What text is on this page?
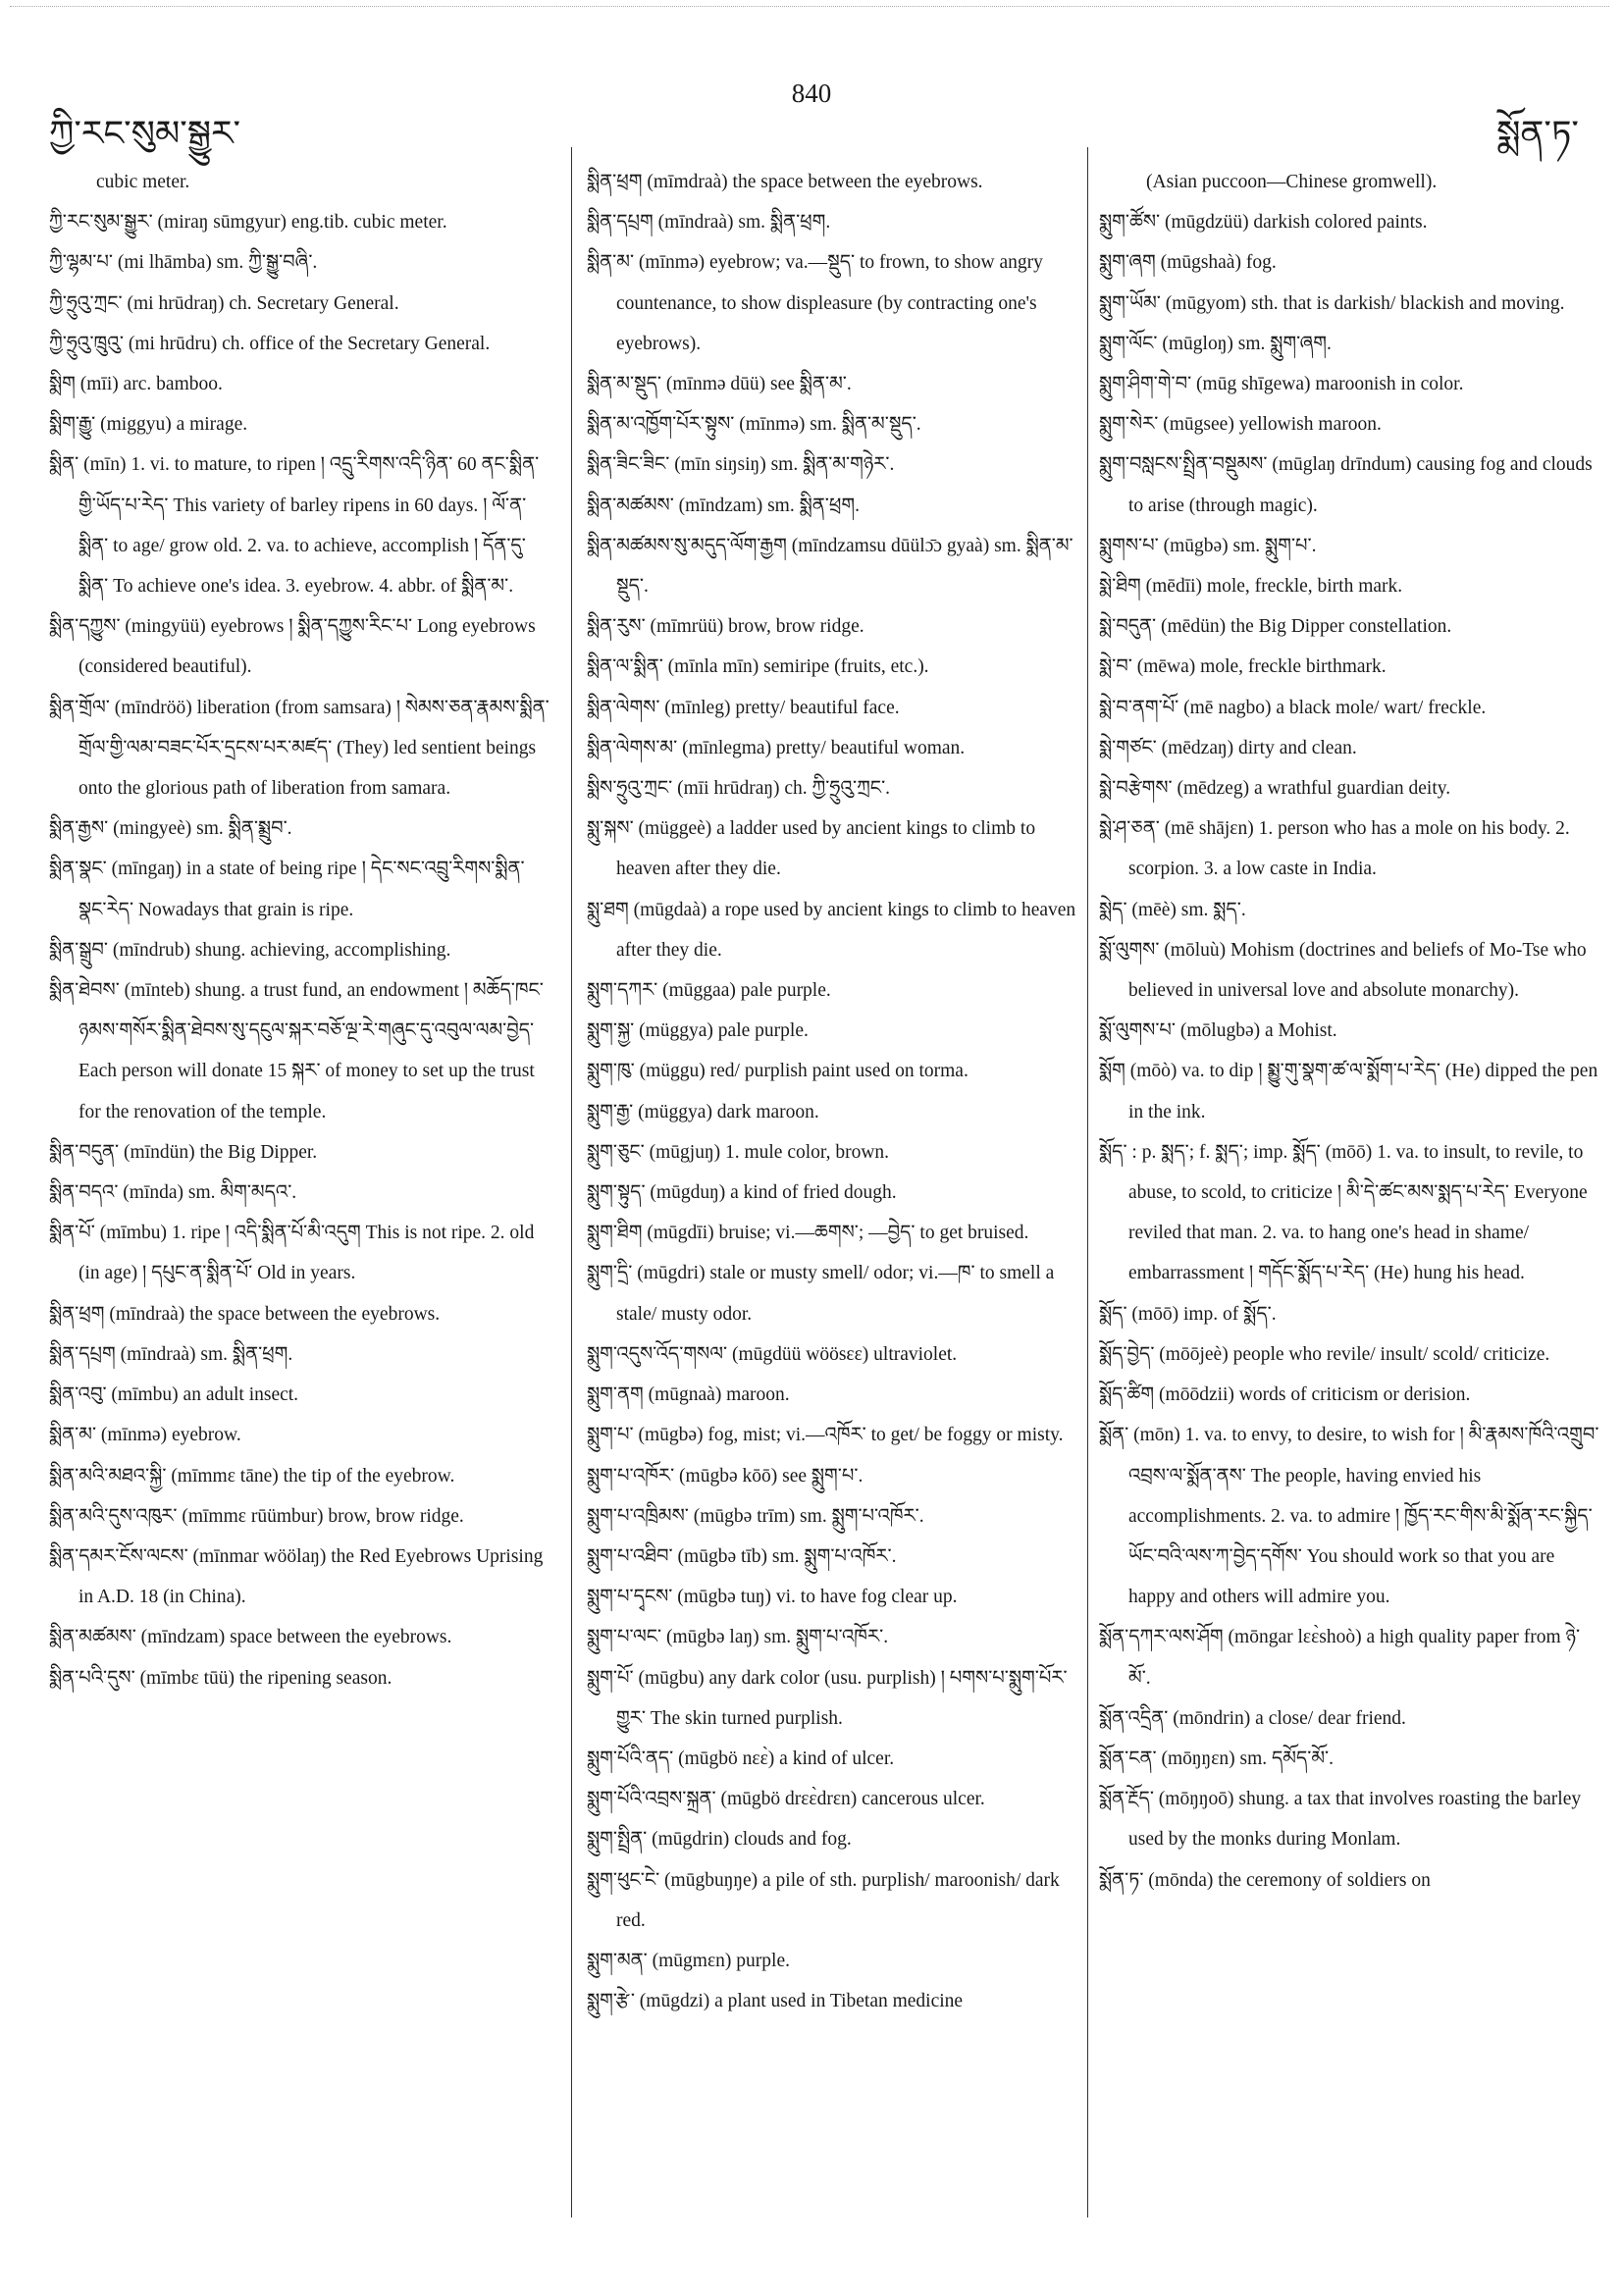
ཀྱི་རང་སུམ་སྒྱུར་
840
སྨོན་ཏ་

cubic meter.

ཀྱི་རང་སུམ་སྒྱུར་ (miraŋ sūmgyur) eng.tib. cubic meter.

ཀྱི་ལྷམ་པ་ (mi lhāmba) sm. ཀྱི་སྒྱུ་བཞི་.

ཀྱི་ཧྲུའུ་ཀྲང་ (mi hrūdraŋ) ch. Secretary General.

ཀྱི་ཧྲུའུ་ཁྲུའུ་ (mi hrūdru) ch. office of the Secretary General.

སྨིག (mīi) arc. bamboo.

སྨིག་རྒྱུ་ (miggyu) a mirage.

སྨིན་ (mīn) 1. vi. to mature, to ripen ། འདྲུ་རིགས་འདི་ཉིན་ 60 ནང་སྨིན་གྱི་ཡོད་པ་རེད་ This variety of barley ripens in 60 days. ། ལོ་ན་སྨིན་ to age/ grow old. 2. va. to achieve, accomplish ། དོན་དུ་སྨིན་ To achieve one's idea. 3. eyebrow. 4. abbr. of སྨིན་མ་.

སྨིན་དཀྱུས་ (mingyüü) eyebrows ། སྨིན་དཀྱུས་རིང་པ་ Long eyebrows (considered beautiful).

སྨིན་གྲོལ་ (mīndröö) liberation (from samsara) ། སེམས་ཅན་རྣམས་སྨིན་གྲོལ་གྱི་ལམ་བཟང་པོར་དྲངས་པར་མཛད་ (They) led sentient beings onto the glorious path of liberation from samara.

སྨིན་རྒྱས་ (mingyeè) sm. སྨིན་སྨྲུབ་.

སྨིན་སྣང་ (mīngaŋ) in a state of being ripe ། དེང་སང་འབྲུ་རིགས་སྨིན་སྣང་རེད་ Nowadays that grain is ripe.

སྨིན་སྒྲུབ་ (mīndrub) shung. achieving, accomplishing.

སྨིན་ཐེབས་ (mīnteb) shung. a trust fund, an endowment ། མཆོད་ཁང་ཉམས་གསོར་སྨིན་ཐེབས་སུ་དངུལ་སྐར་བཅོ་ལྔ་རེ་གཞུང་དུ་འབུལ་ལམ་བྱེད་ Each person will donate 15 སྐར་ of money to set up the trust for the renovation of the temple.

སྨིན་བདུན་ (mīndün) the Big Dipper.

སྨིན་བདའ་ (mīnda) sm. མིག་མདའ་.

སྨིན་པོ་ (mīmbu) 1. ripe ། འདི་སྨིན་པོ་མི་འདུག This is not ripe. 2. old (in age) ། དཔུང་ན་སྨིན་པོ་ Old in years.

སྨིན་ཕྲག (mīndraà) the space between the eyebrows.

སྨིན་དཔྲག (mīndraà) sm. སྨིན་ཕྲག.

སྨིན་འབུ་ (mīmbu) an adult insect.

སྨིན་མ་ (mīnmə) eyebrow.

སྨིན་མའི་མཐའ་སྐྱི་ (mīmmɛ tāne) the tip of the eyebrow.

སྨིན་མའི་དུས་འཁུར་ (mīmmɛ rūümbur) brow, brow ridge.

སྨིན་དམར་ངོས་ལངས་ (mīnmar wöölaŋ) the Red Eyebrows Uprising in A.D. 18 (in China).

སྨིན་མཚམས་ (mīndzam) space between the eyebrows.

སྨིན་པའི་དུས་ (mīmbɛ tūü) the ripening season.

སྨིན་ཕྲག (mīmdraà) the space between the eyebrows.

སྨིན་དཔྲག (mīndraà) sm. སྨིན་ཕྲག.

སྨིན་མ་ (mīnmə) eyebrow; va.—སྡུད་ to frown, to show angry countenance, to show displeasure (by contracting one's eyebrows).

སྨིན་མ་སྡུད་ (mīnmə dūü) see སྨིན་མ་.

སྨིན་མ་འཁྱོག་པོར་སྟུས་ (mīnmə) sm. སྨིན་མ་སྡུད་.

སྨིན་ཟིང་ཟིང་ (mīn siŋsiŋ) sm. སྨིན་མ་གཉེར་.

སྨིན་མཚམས་ (mīndzam) sm. སྨིན་ཕྲག.

སྨིན་མཚམས་སུ་མདུད་ལོག་རྒྱག (mīndzamsu dūülɔ̄ɔ gyaà) sm. སྨིན་མ་སྡུད་.

སྨིན་རུས་ (mīmrüü) brow, brow ridge.

སྨིན་ལ་སྨིན་ (mīnla mīn) semiripe (fruits, etc.).

སྨིན་ལེགས་ (mīnleg) pretty/ beautiful face.

སྨིན་ལེགས་མ་ (mīnlegma) pretty/ beautiful woman.

སྨིས་ཧྲུའུ་ཀྲང་ (mīi hrūdraŋ) ch. ཀྱི་ཧྲུའུ་ཀྲང་.

སྨུ་སྐས་ (müggeè) a ladder used by ancient kings to climb to heaven after they die.

སྨུ་ཐག (mūgdaà) a rope used by ancient kings to climb to heaven after they die.

སྨུག་དཀར་ (mūggaa) pale purple.

སྨུག་སྐྱ་ (müggya) pale purple.

སྨུག་ཁུ་ (müggu) red/ purplish paint used on torma.

སྨུག་རྒྱ་ (müggya) dark maroon.

སྨུག་ཅུང་ (mūgjuŋ) 1. mule color, brown.

སྨུག་སྟུད་ (mūgduŋ) a kind of fried dough.

སྨུག་ཐིག (mūgdīi) bruise; vi.—ཆགས་; —བྱེད་ to get bruised.

སྨུག་དྲི་ (mūgdri) stale or musty smell/ odor; vi.—ཁ་ to smell a stale/ musty odor.

སྨུག་འདུས་འོད་གསལ་ (mūgdüü wöösɛɛ) ultraviolet.

སྨུག་ནག (mūgnaà) maroon.

སྨུག་པ་ (mūgbə) fog, mist; vi.—འཁོར་ to get/ be foggy or misty.

སྨུག་པ་འཁོར་ (mūgbə kōō) see སྨུག་པ་.

སྨུག་པ་འཁྲིམས་ (mūgbə trīm) sm. སྨུག་པ་འཁོར་.

སྨུག་པ་འཐིབ་ (mūgbə tīb) sm. སྨུག་པ་འཁོར་.

སྨུག་པ་དྭངས་ (mūgbə tuŋ) vi. to have fog clear up.

སྨུག་པ་ལང་ (mūgbə laŋ) sm. སྨུག་པ་འཁོར་.

སྨུག་པོ་ (mūgbu) any dark color (usu. purplish) ། པགས་པ་སྨུག་པོར་གྱུར་ The skin turned purplish.

སྨུག་པོའི་ནད་ (mūgbö nɛɛ̀) a kind of ulcer.

སྨུག་པོའི་འབྲས་སྐྲན་ (mūgbö drɛɛ̀drɛn) cancerous ulcer.

སྨུག་སྤྲིན་ (mūgdrin) clouds and fog.

སྨུག་ཕུང་ངེ་ (mūgbuŋŋe) a pile of sth. purplish/ maroonish/ dark red.

སྨུག་མན་ (mūgmɛn) purple.

སྨུག་རྩེ་ (mūgdzi) a plant used in Tibetan medicine

(Asian puccoon—Chinese gromwell).

སྨུག་ཚོས་ (mūgdzüü) darkish colored paints.

སྨུག་ཞག (mūgshaà) fog.

སྨུག་ཡོམ་ (mūgyom) sth. that is darkish/ blackish and moving.

སྨུག་ལོང་ (mūgloŋ) sm. སྨུག་ཞག.

སྨུག་ཤིག་གེ་བ་ (mūg shīgewa) maroonish in color.

སྨུག་སེར་ (mūgsee) yellowish maroon.

སྨུག་བསླངས་སྤྲིན་བསྡུམས་ (mūglaŋ drīndum) causing fog and clouds to arise (through magic).

སྨུགས་པ་ (mūgbə) sm. སྨུག་པ་.

སྨེ་ཐིག (mēdīi) mole, freckle, birth mark.

སྨེ་བདུན་ (mēdün) the Big Dipper constellation.

སྨེ་བ་ (mēwa) mole, freckle birthmark.

སྨེ་བ་ནག་པོ་ (mē nagbo) a black mole/ wart/ freckle.

སྨེ་གཙང་ (mēdzaŋ) dirty and clean.

སྨེ་བརྩེགས་ (mēdzeg) a wrathful guardian deity.

སྨེ་ཤ་ཅན་ (mē shājɛn) 1. person who has a mole on his body. 2. scorpion. 3. a low caste in India.

སྨེད་ (mēè) sm. སྨད་.

སྨོ་ལུགས་ (mōluù) Mohism (doctrines and beliefs of Mo-Tse who believed in universal love and absolute monarchy).

སྨོ་ལུགས་པ་ (mōlugbə) a Mohist.

སྨོག (mōò) va. to dip ། སྨྱུ་གུ་སྣག་ཚ་ལ་སྨོག་པ་རེད་ (He) dipped the pen in the ink.

སྨོད་ : p. སྨད་; f. སྨད་; imp. སྨོད་ (mōō) 1. va. to insult, to revile, to abuse, to scold, to criticize ། མི་དེ་ཚང་མས་སྨད་པ་རེད་ Everyone reviled that man. 2. va. to hang one's head in shame/ embarrassment ། གདོང་སྨོད་པ་རེད་ (He) hung his head.

སྨོད་ (mōō) imp. of སྨོད་.

སྨོད་བྱེད་ (mōōjeè) people who revile/ insult/ scold/ criticize.

སྨོད་ཚིག (mōōdzii) words of criticism or derision.

སྨོན་ (mōn) 1. va. to envy, to desire, to wish for ། མི་རྣམས་ཁོའི་འགྲུབ་འབྲས་ལ་སྨོན་ནས་ The people, having envied his accomplishments. 2. va. to admire ། ཁྱོད་རང་གིས་མི་སྨོན་རང་སྐྱིད་ཡོང་བའི་ལས་ཀ་བྱེད་དགོས་ You should work so that you are happy and others will admire you.

སྨོན་དཀར་ལས་ཤོག (mōngar lɛɛ̀shoò) a high quality paper from ཉེ་མོ་.

སྨོན་འདྲིན་ (mōndrin) a close/ dear friend.

སྨོན་ངན་ (mōŋŋɛn) sm. དམོད་མོ་.

སྨོན་རྔོད་ (mōŋŋoō) shung. a tax that involves roasting the barley used by the monks during Monlam.

སྨོན་ཏ་ (mōnda) the ceremony of soldiers on
